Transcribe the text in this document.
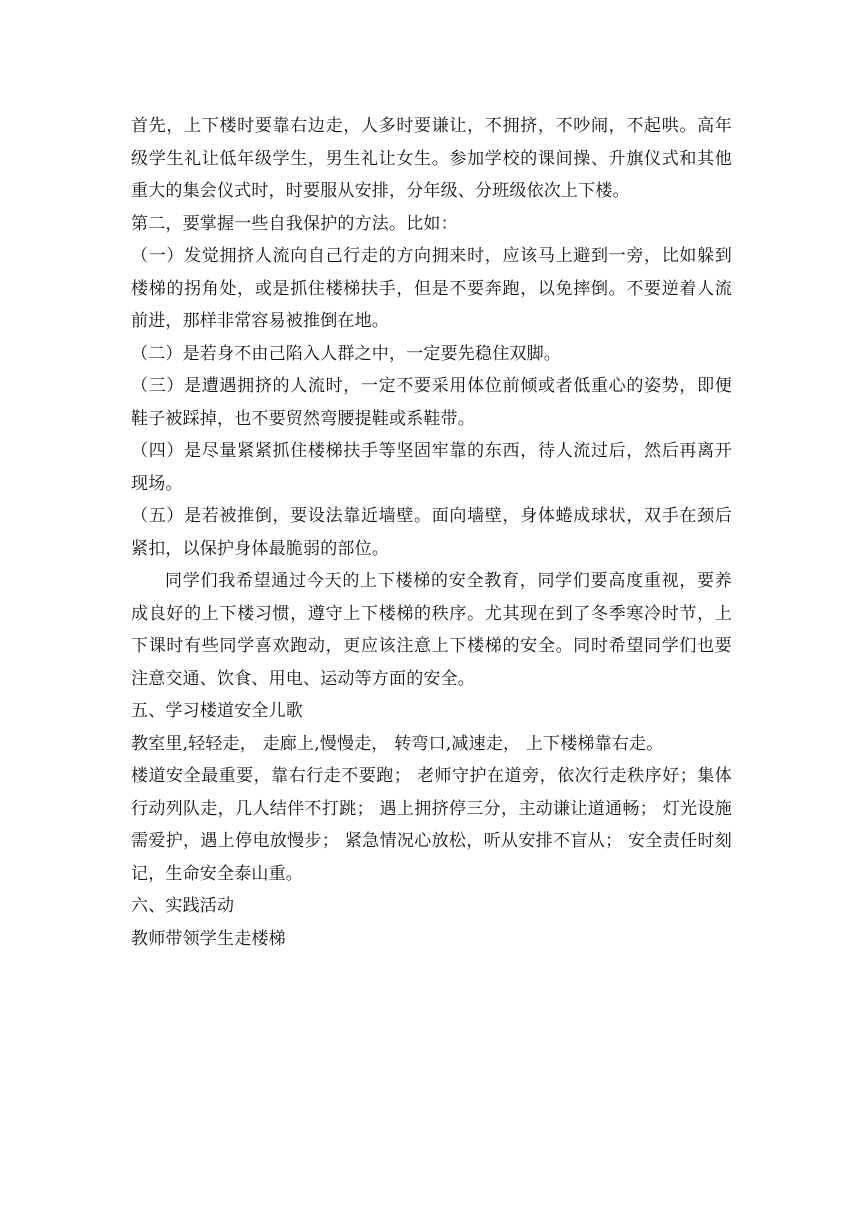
首先，上下楼时要靠右边走，人多时要谦让，不拥挤，不吵闹，不起哄。高年级学生礼让低年级学生，男生礼让女生。参加学校的课间操、升旗仪式和其他重大的集会仪式时，时要服从安排，分年级、分班级依次上下楼。

第二，要掌握一些自我保护的方法。比如：

（一）发觉拥挤人流向自己行走的方向拥来时，应该马上避到一旁，比如躲到楼梯的拐角处，或是抓住楼梯扶手，但是不要奔跑，以免摔倒。不要逆着人流前进，那样非常容易被推倒在地。

（二）是若身不由己陷入人群之中，一定要先稳住双脚。

（三）是遭遇拥挤的人流时，一定不要采用体位前倾或者低重心的姿势，即便鞋子被踩掉，也不要贸然弯腰提鞋或系鞋带。

（四）是尽量紧紧抓住楼梯扶手等坚固牢靠的东西，待人流过后，然后再离开现场。

（五）是若被推倒，要设法靠近墙壁。面向墙壁，身体蜷成球状，双手在颈后紧扣，以保护身体最脆弱的部位。

同学们我希望通过今天的上下楼梯的安全教育，同学们要高度重视，要养成良好的上下楼习惯，遵守上下楼梯的秩序。尤其现在到了冬季寒冷时节，上下课时有些同学喜欢跑动，更应该注意上下楼梯的安全。同时希望同学们也要注意交通、饮食、用电、运动等方面的安全。

五、学习楼道安全儿歌

教室里,轻轻走， 走廊上,慢慢走， 转弯口,减速走， 上下楼梯靠右走。

楼道安全最重要，靠右行走不要跑； 老师守护在道旁，依次行走秩序好；集体行动列队走，几人结伴不打跳； 遇上拥挤停三分，主动谦让道通畅； 灯光设施需爱护，遇上停电放慢步； 紧急情况心放松，听从安排不盲从； 安全责任时刻记，生命安全泰山重。

六、实践活动

教师带领学生走楼梯
